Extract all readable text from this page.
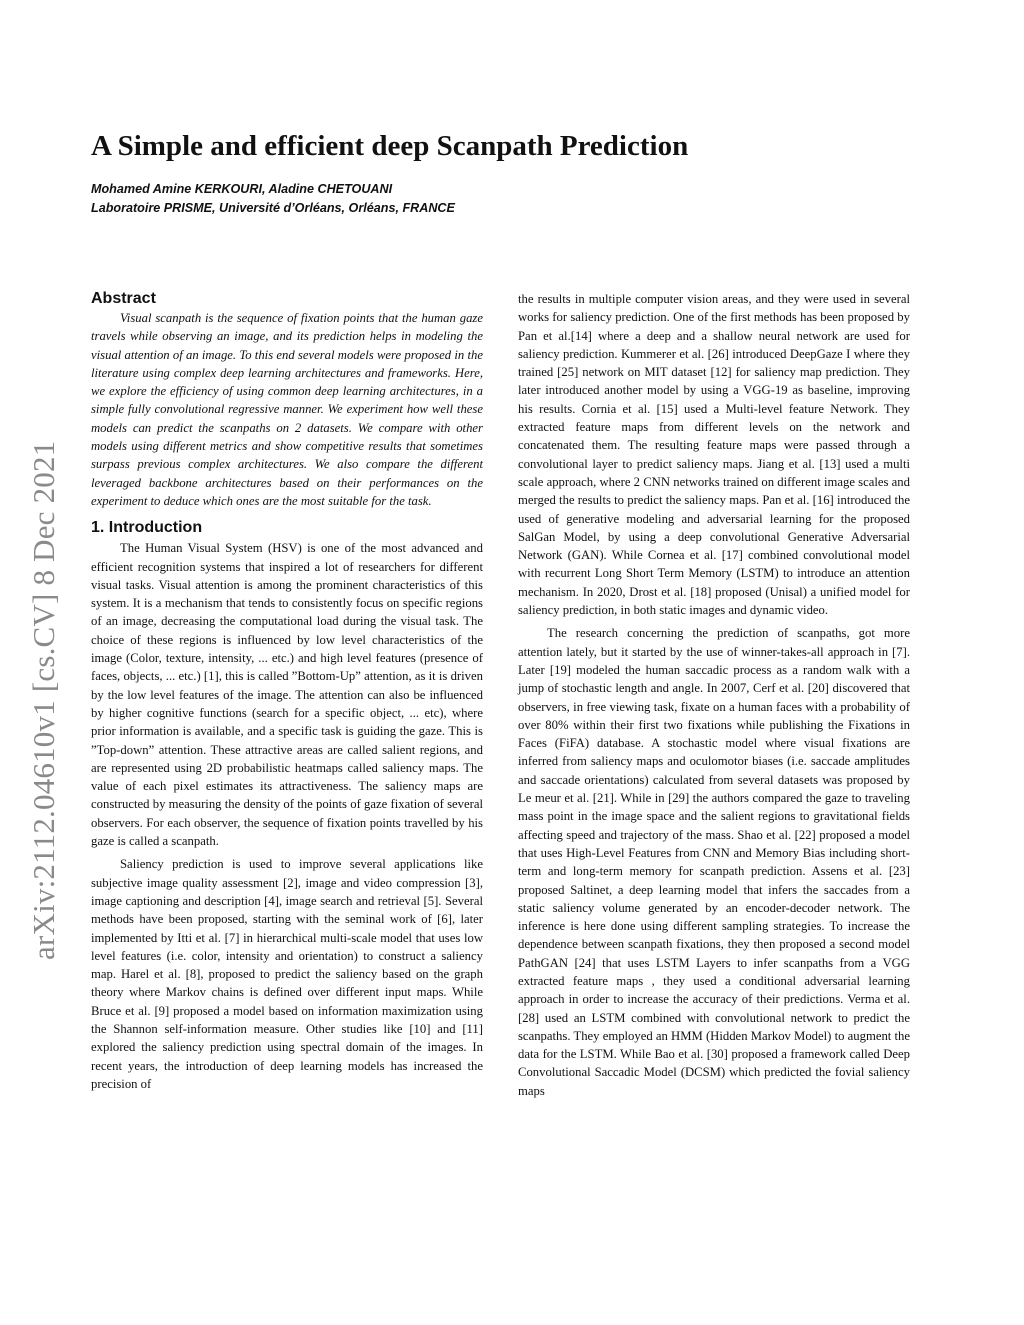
arXiv:2112.04610v1 [cs.CV] 8 Dec 2021
A Simple and efficient deep Scanpath Prediction
Mohamed Amine KERKOURI, Aladine CHETOUANI
Laboratoire PRISME, Université d’Orléans, Orléans, FRANCE
Abstract

Visual scanpath is the sequence of fixation points that the human gaze travels while observing an image, and its prediction helps in modeling the visual attention of an image. To this end several models were proposed in the literature using complex deep learning architectures and frameworks. Here, we explore the efficiency of using common deep learning architectures, in a simple fully convolutional regressive manner. We experiment how well these models can predict the scanpaths on 2 datasets. We compare with other models using different metrics and show competitive results that sometimes surpass previous complex architectures. We also compare the different leveraged backbone architectures based on their performances on the experiment to deduce which ones are the most suitable for the task.

1. Introduction

The Human Visual System (HSV) is one of the most advanced and efficient recognition systems that inspired a lot of researchers for different visual tasks. Visual attention is among the prominent characteristics of this system. It is a mechanism that tends to consistently focus on specific regions of an image, decreasing the computational load during the visual task. The choice of these regions is influenced by low level characteristics of the image (Color, texture, intensity, ... etc.) and high level features (presence of faces, objects, ... etc.) [1], this is called ”Bottom-Up” attention, as it is driven by the low level features of the image. The attention can also be influenced by higher cognitive functions (search for a specific object, ... etc), where prior information is available, and a specific task is guiding the gaze. This is ”Top-down” attention. These attractive areas are called salient regions, and are represented using 2D probabilistic heatmaps called saliency maps. The value of each pixel estimates its attractiveness. The saliency maps are constructed by measuring the density of the points of gaze fixation of several observers. For each observer, the sequence of fixation points travelled by his gaze is called a scanpath.

Saliency prediction is used to improve several applications like subjective image quality assessment [2], image and video compression [3], image captioning and description [4], image search and retrieval [5]. Several methods have been proposed, starting with the seminal work of [6], later implemented by Itti et al. [7] in hierarchical multi-scale model that uses low level features (i.e. color, intensity and orientation) to construct a saliency map. Harel et al. [8], proposed to predict the saliency based on the graph theory where Markov chains is defined over different input maps. While Bruce et al. [9] proposed a model based on information maximization using the Shannon self-information measure. Other studies like [10] and [11] explored the saliency prediction using spectral domain of the images. In recent years, the introduction of deep learning models has increased the precision of

the results in multiple computer vision areas, and they were used in several works for saliency prediction. One of the first methods has been proposed by Pan et al.[14] where a deep and a shallow neural network are used for saliency prediction. Kummerer et al. [26] introduced DeepGaze I where they trained [25] network on MIT dataset [12] for saliency map prediction. They later introduced another model by using a VGG-19 as baseline, improving his results. Cornia et al. [15] used a Multi-level feature Network. They extracted feature maps from different levels on the network and concatenated them. The resulting feature maps were passed through a convolutional layer to predict saliency maps. Jiang et al. [13] used a multi scale approach, where 2 CNN networks trained on different image scales and merged the results to predict the saliency maps. Pan et al. [16] introduced the used of generative modeling and adversarial learning for the proposed SalGan Model, by using a deep convolutional Generative Adversarial Network (GAN). While Cornea et al. [17] combined convolutional model with recurrent Long Short Term Memory (LSTM) to introduce an attention mechanism. In 2020, Drost et al. [18] proposed (Unisal) a unified model for saliency prediction, in both static images and dynamic video.

The research concerning the prediction of scanpaths, got more attention lately, but it started by the use of winner-takes-all approach in [7]. Later [19] modeled the human saccadic process as a random walk with a jump of stochastic length and angle. In 2007, Cerf et al. [20] discovered that observers, in free viewing task, fixate on a human faces with a probability of over 80% within their first two fixations while publishing the Fixations in Faces (FiFA) database. A stochastic model where visual fixations are inferred from saliency maps and oculomotor biases (i.e. saccade amplitudes and saccade orientations) calculated from several datasets was proposed by Le meur et al. [21]. While in [29] the authors compared the gaze to traveling mass point in the image space and the salient regions to gravitational fields affecting speed and trajectory of the mass. Shao et al. [22] proposed a model that uses High-Level Features from CNN and Memory Bias including short-term and long-term memory for scanpath prediction. Assens et al. [23] proposed Saltinet, a deep learning model that infers the saccades from a static saliency volume generated by an encoder-decoder network. The inference is here done using different sampling strategies. To increase the dependence between scanpath fixations, they then proposed a second model PathGAN [24] that uses LSTM Layers to infer scanpaths from a VGG extracted feature maps , they used a conditional adversarial learning approach in order to increase the accuracy of their predictions. Verma et al. [28] used an LSTM combined with convolutional network to predict the scanpaths. They employed an HMM (Hidden Markov Model) to augment the data for the LSTM. While Bao et al. [30] proposed a framework called Deep Convolutional Saccadic Model (DCSM) which predicted the fovial saliency maps
